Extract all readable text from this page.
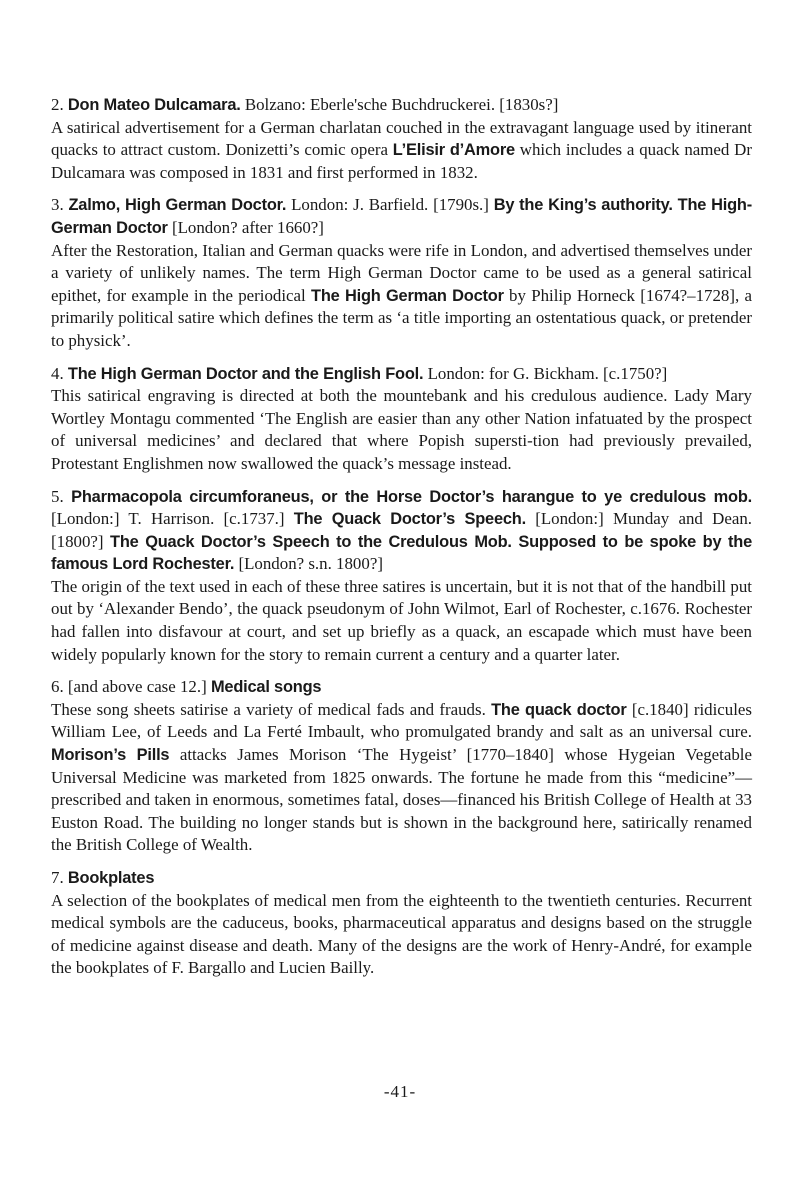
2. Don Mateo Dulcamara. Bolzano: Eberle'sche Buchdruckerei. [1830s?]
A satirical advertisement for a German charlatan couched in the extravagant language used by itinerant quacks to attract custom. Donizetti’s comic opera L’Elisir d’Amore which includes a quack named Dr Dulcamara was composed in 1831 and first performed in 1832.
3. Zalmo, High German Doctor. London: J. Barfield. [1790s.] By the King’s authority. The High-German Doctor [London? after 1660?]
After the Restoration, Italian and German quacks were rife in London, and advertised themselves under a variety of unlikely names. The term High German Doctor came to be used as a general satirical epithet, for example in the periodical The High German Doctor by Philip Horneck [1674?–1728], a primarily political satire which defines the term as ‘a title importing an ostentatious quack, or pretender to physick’.
4. The High German Doctor and the English Fool. London: for G. Bickham. [c.1750?]
This satirical engraving is directed at both the mountebank and his credulous audience. Lady Mary Wortley Montagu commented ‘The English are easier than any other Nation infatuated by the prospect of universal medicines’ and declared that where Popish supersti-tion had previously prevailed, Protestant Englishmen now swallowed the quack’s message instead.
5. Pharmacopola circumforaneus, or the Horse Doctor’s harangue to ye credulous mob. [London:] T. Harrison. [c.1737.] The Quack Doctor’s Speech. [London:] Munday and Dean. [1800?] The Quack Doctor’s Speech to the Credulous Mob. Supposed to be spoke by the famous Lord Rochester. [London? s.n. 1800?]
The origin of the text used in each of these three satires is uncertain, but it is not that of the handbill put out by ‘Alexander Bendo’, the quack pseudonym of John Wilmot, Earl of Rochester, c.1676. Rochester had fallen into disfavour at court, and set up briefly as a quack, an escapade which must have been widely popularly known for the story to remain current a century and a quarter later.
6. [and above case 12.] Medical songs
These song sheets satirise a variety of medical fads and frauds. The quack doctor [c.1840] ridicules William Lee, of Leeds and La Ferté Imbault, who promulgated brandy and salt as an universal cure. Morison’s Pills attacks James Morison ‘The Hygeist’ [1770–1840] whose Hygeian Vegetable Universal Medicine was marketed from 1825 onwards. The fortune he made from this “medicine”—prescribed and taken in enormous, sometimes fatal, doses—financed his British College of Health at 33 Euston Road. The building no longer stands but is shown in the background here, satirically renamed the British College of Wealth.
7. Bookplates
A selection of the bookplates of medical men from the eighteenth to the twentieth centuries. Recurrent medical symbols are the caduceus, books, pharmaceutical apparatus and designs based on the struggle of medicine against disease and death. Many of the designs are the work of Henry-André, for example the bookplates of F. Bargallo and Lucien Bailly.
-41-
